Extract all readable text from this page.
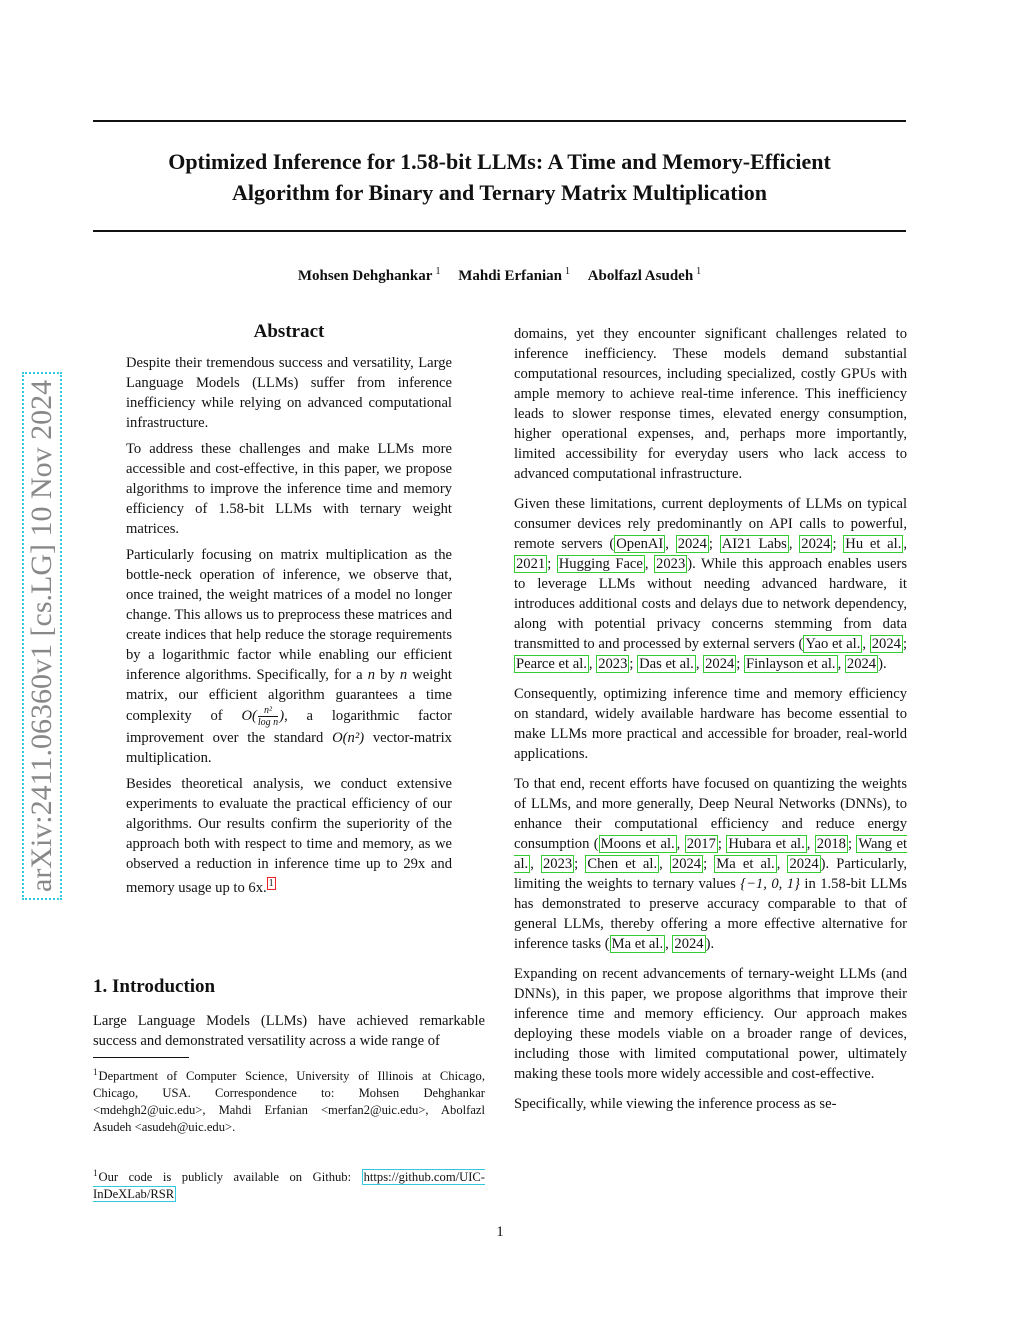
Optimized Inference for 1.58-bit LLMs: A Time and Memory-Efficient
Algorithm for Binary and Ternary Matrix Multiplication
Mohsen Dehghankar $^1$ Mahdi Erfanian $^1$ Abolfazl Asudeh $^1$
arXiv:2411.06360v1 [cs.LG] 10 Nov 2024
Abstract

Despite their tremendous success and versatility, Large Language Models (LLMs) suffer from inference inefficiency while relying on advanced computational infrastructure.

To address these challenges and make LLMs more accessible and cost-effective, in this paper, we propose algorithms to improve the inference time and memory efficiency of 1.58-bit LLMs with ternary weight matrices.

Particularly focusing on matrix multiplication as the bottle-neck operation of inference, we observe that, once trained, the weight matrices of a model no longer change. This allows us to preprocess these matrices and create indices that help reduce the storage requirements by a logarithmic factor while enabling our efficient inference algorithms. Specifically, for a n by n weight matrix, our efficient algorithm guarantees a time complexity of $O( \frac{\text{n²}}{\text{log n}}$ ), a logarithmic factor improvement over the standard O(n²) vector-matrix multiplication.

Besides theoretical analysis, we conduct extensive experiments to evaluate the practical efficiency of our algorithms. Our results confirm the superiority of the approach both with respect to time and memory, as we observed a reduction in inference time up to 29x and memory usage up to 6x. $^1$

1. Introduction

Large Language Models (LLMs) have achieved remarkable success and demonstrated versatility across a wide range of

$^1$Department of Computer Science, University of Illinois at Chicago, Chicago, USA. Correspondence to: Mohsen Dehghankar <mdehgh2@uic.edu>, Mahdi Erfanian <merfan2@uic.edu>, Abolfazl Asudeh <asudeh@uic.edu>.
$^1$Our code is publicly available on Github: https://github.com/UIC-InDeXLab/RSR

domains, yet they encounter significant challenges related to inference inefficiency. These models demand substantial computational resources, including specialized, costly GPUs with ample memory to achieve real-time inference. This inefficiency leads to slower response times, elevated energy consumption, higher operational expenses, and, perhaps more importantly, limited accessibility for everyday users who lack access to advanced computational infrastructure.

Given these limitations, current deployments of LLMs on typical consumer devices rely predominantly on API calls to powerful, remote servers ( OpenAI , 2024 ; AI21 Labs , 2024 ; Hu et al. , 2021 ; Hugging Face , 2023 ). While this approach enables users to leverage LLMs without needing advanced hardware, it introduces additional costs and delays due to network dependency, along with potential privacy concerns stemming from data transmitted to and processed by external servers ( Yao et al. , 2024 ; Pearce et al. , 2023 ; Das et al. , 2024 ; Finlayson et al. , 2024 ).

Consequently, optimizing inference time and memory efficiency on standard, widely available hardware has become essential to make LLMs more practical and accessible for broader, real-world applications.

To that end, recent efforts have focused on quantizing the weights of LLMs, and more generally, Deep Neural Networks (DNNs), to enhance their computational efficiency and reduce energy consumption ( Moons et al. , 2017 ; Hubara et al. , 2018 ; Wang et al. , 2023 ; Chen et al. , 2024 ; Ma et al. , 2024 ). Particularly, limiting the weights to ternary values {−1, 0, 1} in 1.58-bit LLMs has demonstrated to preserve accuracy comparable to that of general LLMs, thereby offering a more effective alternative for inference tasks ( Ma et al. , 2024 ).

Expanding on recent advancements of ternary-weight LLMs (and DNNs), in this paper, we propose algorithms that improve their inference time and memory efficiency. Our approach makes deploying these models viable on a broader range of devices, including those with limited computational power, ultimately making these tools more widely accessible and cost-effective.

Specifically, while viewing the inference process as se-

1
